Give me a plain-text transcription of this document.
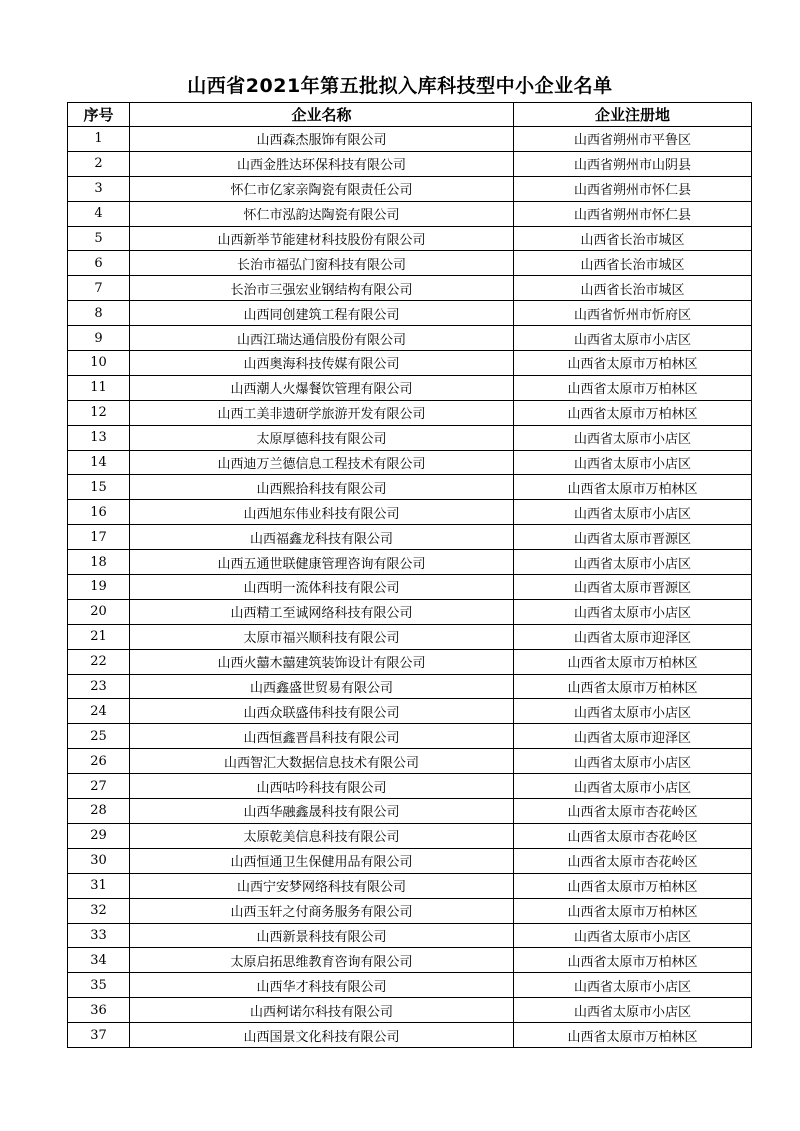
山西省2021年第五批拟入库科技型中小企业名单
序号	企业名称	企业注册地
1	山西森杰服饰有限公司	山西省朔州市平鲁区
2	山西金胜达环保科技有限公司	山西省朔州市山阴县
3	怀仁市亿家亲陶瓷有限责任公司	山西省朔州市怀仁县
4	怀仁市泓韵达陶瓷有限公司	山西省朔州市怀仁县
5	山西新举节能建材科技股份有限公司	山西省长治市城区
6	长治市福弘门窗科技有限公司	山西省长治市城区
7	长治市三强宏业钢结构有限公司	山西省长治市城区
8	山西同创建筑工程有限公司	山西省忻州市忻府区
9	山西江瑞达通信股份有限公司	山西省太原市小店区
10	山西奥海科技传媒有限公司	山西省太原市万柏林区
11	山西潮人火爆餐饮管理有限公司	山西省太原市万柏林区
12	山西工美非遗研学旅游开发有限公司	山西省太原市万柏林区
13	太原厚德科技有限公司	山西省太原市小店区
14	山西迪万兰德信息工程技术有限公司	山西省太原市小店区
15	山西熙拾科技有限公司	山西省太原市万柏林区
16	山西旭东伟业科技有限公司	山西省太原市小店区
17	山西福鑫龙科技有限公司	山西省太原市晋源区
18	山西五通世联健康管理咨询有限公司	山西省太原市小店区
19	山西明一流体科技有限公司	山西省太原市晋源区
20	山西精工至诚网络科技有限公司	山西省太原市小店区
21	太原市福兴顺科技有限公司	山西省太原市迎泽区
22	山西火囍木囍建筑装饰设计有限公司	山西省太原市万柏林区
23	山西鑫盛世贸易有限公司	山西省太原市万柏林区
24	山西众联盛伟科技有限公司	山西省太原市小店区
25	山西恒鑫晋昌科技有限公司	山西省太原市迎泽区
26	山西智汇大数据信息技术有限公司	山西省太原市小店区
27	山西咕吟科技有限公司	山西省太原市小店区
28	山西华融鑫晟科技有限公司	山西省太原市杏花岭区
29	太原乾美信息科技有限公司	山西省太原市杏花岭区
30	山西恒通卫生保健用品有限公司	山西省太原市杏花岭区
31	山西宁安梦网络科技有限公司	山西省太原市万柏林区
32	山西玉轩之付商务服务有限公司	山西省太原市万柏林区
33	山西新景科技有限公司	山西省太原市小店区
34	太原启拓思维教育咨询有限公司	山西省太原市万柏林区
35	山西华才科技有限公司	山西省太原市小店区
36	山西柯诺尔科技有限公司	山西省太原市小店区
37	山西国景文化科技有限公司	山西省太原市万柏林区
